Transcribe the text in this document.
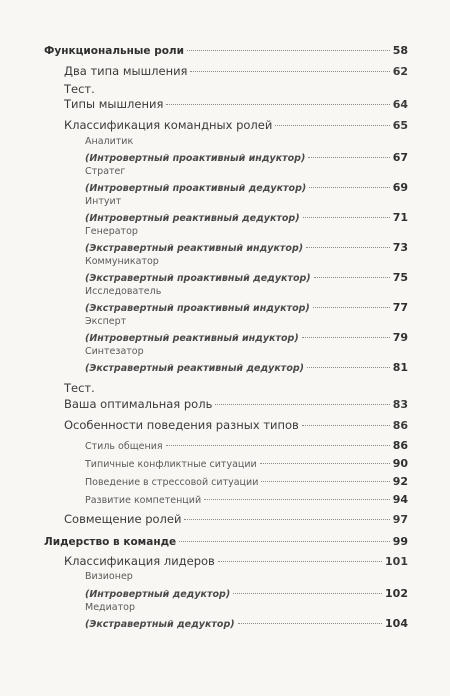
Функциональные роли	58
Два типа мышления	62
Тест.
Типы мышления	64
Классификация командных ролей	65
Аналитик
(Интровертный проактивный индуктор)	67
Стратег
(Интровертный проактивный дедуктор)	69
Интуит
(Интровертный реактивный дедуктор)	71
Генератор
(Экстравертный реактивный индуктор)	73
Коммуникатор
(Экстравертный проактивный дедуктор)	75
Исследователь
(Экстравертный проактивный индуктор)	77
Эксперт
(Интровертный реактивный индуктор)	79
Синтезатор
(Экстравертный реактивный дедуктор)	81
Тест.
Ваша оптимальная роль	83
Особенности поведения разных типов	86
Стиль общения	86
Типичные конфликтные ситуации	90
Поведение в стрессовой ситуации	92
Развитие компетенций	94
Совмещение ролей	97
Лидерство в команде	99
Классификация лидеров	101
Визионер
(Интровертный дедуктор)	102
Медиатор
(Экстравертный дедуктор)	104
